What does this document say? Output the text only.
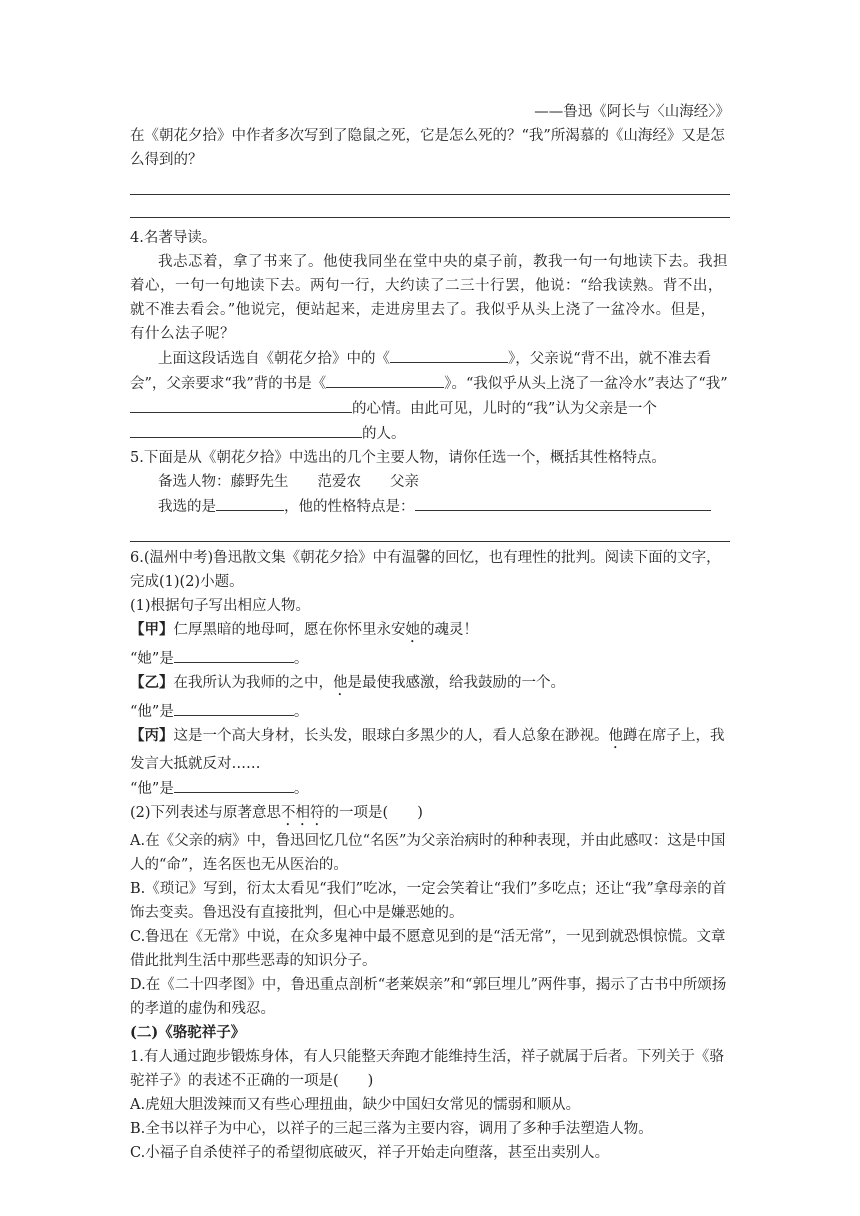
——鲁迅《阿长与〈山海经〉》

在《朝花夕拾》中作者多次写到了隐鼠之死，它是怎么死的？“我”所渴慕的《山海经》又是怎么得到的？

4.名著导读。

我忐忑着，拿了书来了。他使我同坐在堂中央的桌子前，教我一句一句地读下去。我担着心，一句一句地读下去。两句一行，大约读了二三十行罢，他说：“给我读熟。背不出，就不准去看会。”他说完，便站起来，走进房里去了。我似乎从头上浇了一盆冷水。但是，有什么法子呢？

上面这段话选自《朝花夕拾》中的《	》，父亲说“背不出，就不准去看会”，父亲要求“我”背的书是《	》。“我似乎从头上浇了一盆冷水”表达了“我”的心情。由此可见，儿时的“我”认为父亲是一个的人。

5.下面是从《朝花夕拾》中选出的几个主要人物，请你任选一个，概括其性格特点。

备选人物：藤野先生　　范爱农　　父亲

我选的是	，他的性格特点是：

6.(温州中考)鲁迅散文集《朝花夕拾》中有温馨的回忆，也有理性的批判。阅读下面的文字，完成(1)(2)小题。

(1)根据句子写出相应人物。

【甲】仁厚黑暗的地母呵，愿在你怀里永安她的魂灵！

“她”是	。

【乙】在我所认为我师的之中，他是最使我感激，给我鼓励的一个。

“他”是	。

【丙】这是一个高大身材，长头发，眼球白多黑少的人，看人总象在渺视。他蹲在席子上，我发言大抵就反对……

“他”是	。

(2)下列表述与原著意思不相符的一项是(　　)

A.在《父亲的病》中，鲁迅回忆几位“名医”为父亲治病时的种种表现，并由此感叹：这是中国人的“命”，连名医也无从医治的。

B.《琐记》写到，衍太太看见“我们”吃冰，一定会笑着让“我们”多吃点；还让“我”拿母亲的首饰去变卖。鲁迅没有直接批判，但心中是嫌恶她的。

C.鲁迅在《无常》中说，在众多鬼神中最不愿意见到的是“活无常”，一见到就恐惧惊慌。文章借此批判生活中那些恶毒的知识分子。

D.在《二十四孝图》中，鲁迅重点剖析“老莱娱亲”和“郭巨埋儿”两件事，揭示了古书中所颂扬的孝道的虚伪和残忍。

(二)《骆驼祥子》

1.有人通过跑步锻炼身体，有人只能整天奔跑才能维持生活，祥子就属于后者。下列关于《骆驼祥子》的表述不正确的一项是(　　)

A.虎妞大胆泼辣而又有些心理扭曲，缺少中国妇女常见的懦弱和顺从。

B.全书以祥子为中心，以祥子的三起三落为主要内容，调用了多种手法塑造人物。

C.小福子自杀使祥子的希望彻底破灭，祥子开始走向堕落，甚至出卖别人。
